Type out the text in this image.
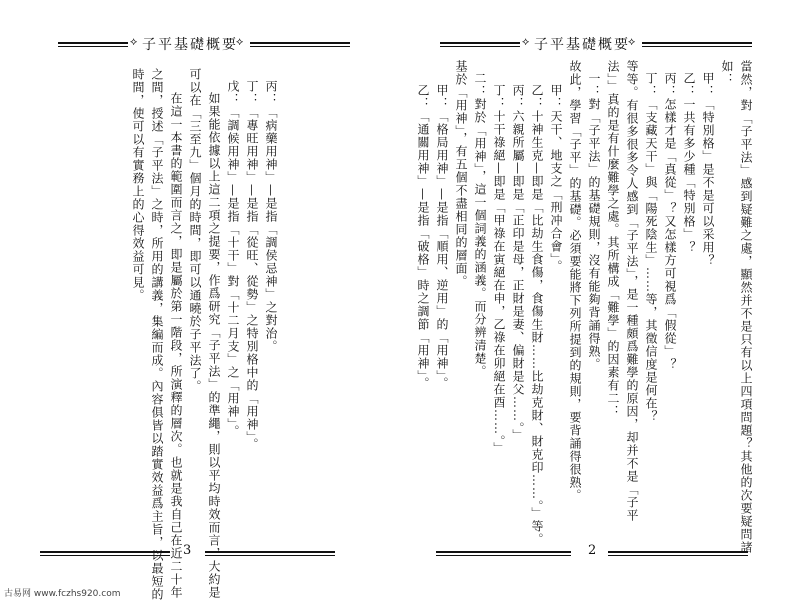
⟡ 子平基礎概要
⟡

丙：「病藥用神」—是指「調侯忌神」之對治。

丁：「專旺用神」—是指「從旺、從勢」之特別格中的「用神」。

戊：「調候用神」—是指「十干」對「十二月支」之「用神」。

如果能依據以上這二項之提要，作爲研究「子平法」的準繩，則以平均時效而言，大約是

可以在「三至九」個月的時間，即可以通曉於子平法了。

在這一本書的範圍而言之，即是屬於第一階段，所演釋的層次。也就是我自己在近二十年

之間，授述「子平法」之時，所用的講義，集編而成。內容俱皆以踏實效益爲主旨，以最短的

時間，使可以有實務上的心得效益可見。

3
⟡ 子平基礎概要
⟡

當然，對「子平法」感到疑難之處，顯然并不是只有以上四項問題？其他的次要疑問諸

如：

甲：「特別格」是不是可以采用？

乙：一共有多少種「特別格」？

丙：怎樣才是「真從」？又怎樣方可視爲「假從」？

丁：「支藏天干」與「陽死陰生」……等，其徵信度是何在？

等等。有很多很多令人感到「子平法」，是一種頗爲難學的原因，却并不是「子平

法」」真的是有什麼難學之處。其所構成「難學」的因素有二：

一：對「子平法」的基礎規則，沒有能夠背誦得熟。

故此，學習「子平」的基礎。必須要能將下列所提到的規則，要背誦得很熟。

甲：天干、地支之「刑冲合會」。

乙：十神生克—即是「比劫生食傷，食傷生財……比劫克財、財克印……。」等。

丙：六親所屬—即是「正印是母，正財是妻、偏財是父……。」

丁：十干祿絕—即是「甲祿在寅絕在申，乙祿在卯絕在酉……。」

二：對於「用神」，這一個詞義的涵義。而分辨清楚。

基於「用神」，有五個不盡相同的層面。

甲：「格局用神」—是指「順用、逆用」的「用神」。

乙：「通關用神」—是指「破格」時之調節「用神」。

2
古易网 www.fczhs920.com
